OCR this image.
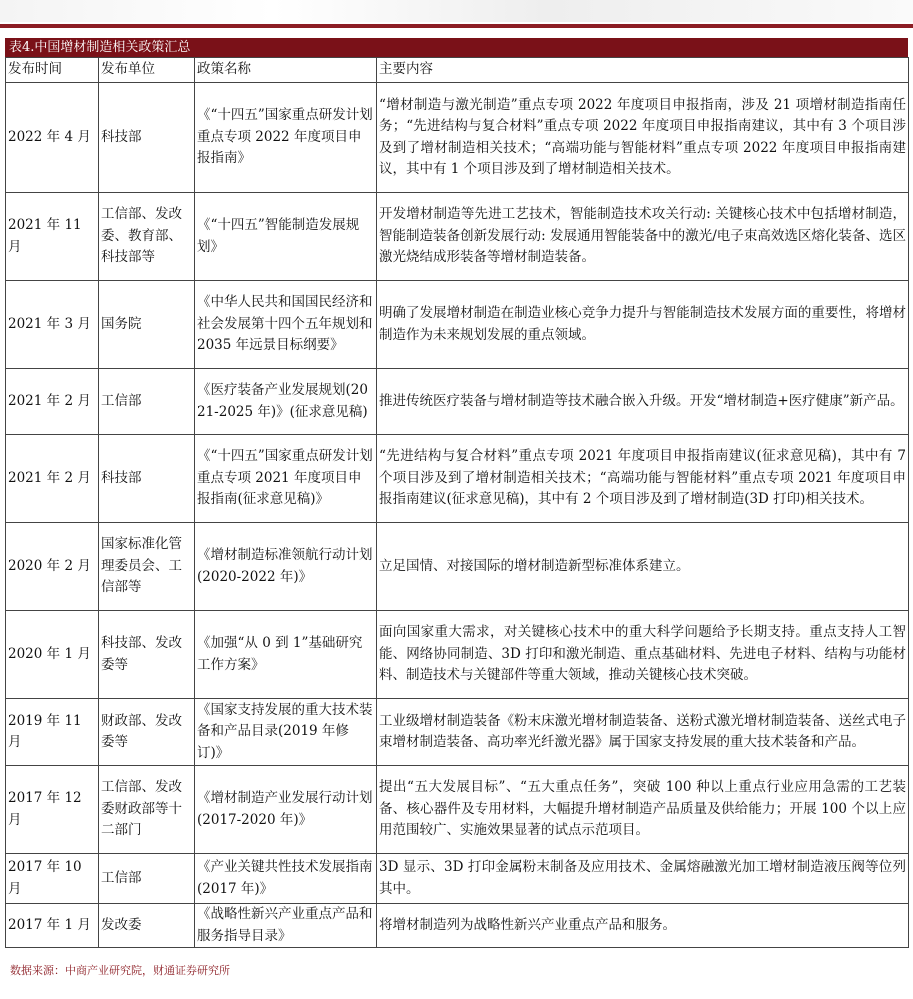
表4.中国增材制造相关政策汇总
发布时间	发布单位	政策名称	主要内容
2022 年 4 月	科技部	《“十四五”国家重点研发计划重点专项 2022 年度项目申报指南》	“增材制造与激光制造”重点专项 2022 年度项目申报指南，涉及 21 项增材制造指南任务；“先进结构与复合材料”重点专项 2022 年度项目申报指南建议，其中有 3 个项目涉及到了增材制造相关技术；“高端功能与智能材料”重点专项 2022 年度项目申报指南建议，其中有 1 个项目涉及到了增材制造相关技术。
2021 年 11 月	工信部、发改委、教育部、科技部等	《“十四五”智能制造发展规划》	开发增材制造等先进工艺技术，智能制造技术攻关行动: 关键核心技术中包括增材制造，智能制造装备创新发展行动: 发展通用智能装备中的激光/电子束高效选区熔化装备、选区激光烧结成形装备等增材制造装备。
2021 年 3 月	国务院	《中华人民共和国国民经济和社会发展第十四个五年规划和 2035 年远景目标纲要》	明确了发展增材制造在制造业核心竞争力提升与智能制造技术发展方面的重要性，将增材制造作为未来规划发展的重点领域。
2021 年 2 月	工信部	《医疗装备产业发展规划(2021-2025 年)》(征求意见稿)	推进传统医疗装备与增材制造等技术融合嵌入升级。开发“增材制造+医疗健康”新产品。
2021 年 2 月	科技部	《“十四五”国家重点研发计划重点专项 2021 年度项目申报指南(征求意见稿)》	“先进结构与复合材料”重点专项 2021 年度项目申报指南建议(征求意见稿)，其中有 7 个项目涉及到了增材制造相关技术；“高端功能与智能材料”重点专项 2021 年度项目申报指南建议(征求意见稿)，其中有 2 个项目涉及到了增材制造(3D 打印)相关技术。
2020 年 2 月	国家标准化管理委员会、工信部等	《增材制造标准领航行动计划(2020-2022 年)》	立足国情、对接国际的增材制造新型标准体系建立。
2020 年 1 月	科技部、发改委等	《加强“从 0 到 1”基础研究工作方案》	面向国家重大需求，对关键核心技术中的重大科学问题给予长期支持。重点支持人工智能、网络协同制造、3D 打印和激光制造、重点基础材料、先进电子材料、结构与功能材料、制造技术与关键部件等重大领域，推动关键核心技术突破。
2019 年 11 月	财政部、发改委等	《国家支持发展的重大技术装备和产品目录(2019 年修订)》	工业级增材制造装备《粉末床激光增材制造装备、送粉式激光增材制造装备、送丝式电子束增材制造装备、高功率光纤激光器》属于国家支持发展的重大技术装备和产品。
2017 年 12 月	工信部、发改委财政部等十二部门	《增材制造产业发展行动计划(2017-2020 年)》	提出“五大发展目标”、“五大重点任务”，突破 100 种以上重点行业应用急需的工艺装备、核心器件及专用材料，大幅提升增材制造产品质量及供给能力；开展 100 个以上应用范围较广、实施效果显著的试点示范项目。
2017 年 10 月	工信部	《产业关键共性技术发展指南(2017 年)》	3D 显示、3D 打印金属粉末制备及应用技术、金属熔融激光加工增材制造液压阀等位列其中。
2017 年 1 月	发改委	《战略性新兴产业重点产品和服务指导目录》	将增材制造列为战略性新兴产业重点产品和服务。
数据来源：中商产业研究院，财通证券研究所
